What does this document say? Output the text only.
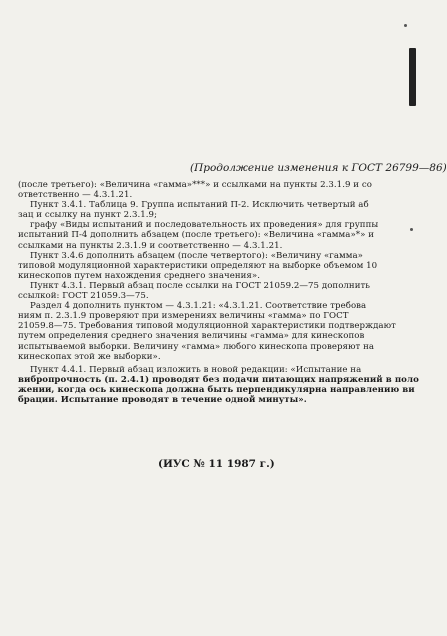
(Продолжение изменения к ГОСТ 26799—86)
(после третьего): «Величина «гамма»***» и ссылками на пункты 2.3.1.9 и со
ответственно — 4.3.1.21.
Пункт 3.4.1. Таблица 9. Группа испытаний П-2. Исключить четвертый аб
зац и ссылку на пункт 2.3.1.9;
графу «Виды испытаний и последовательность их проведения» для группы
испытаний П-4 дополнить абзацем (после третьего): «Величина «гамма»*» и
ссылками на пункты 2.3.1.9 и соответственно — 4.3.1.21.
Пункт 3.4.6 дополнить абзацем (после четвертого): «Величину «гамма»
типовой модуляционной характеристики определяют на выборке объемом 10
кинескопов путем нахождения среднего значения».
Пункт 4.3.1. Первый абзац после ссылки на ГОСТ 21059.2—75 дополнить
ссылкой: ГОСТ 21059.3—75.
Раздел 4 дополнить пунктом — 4.3.1.21: «4.3.1.21. Соответствие требова
ниям п. 2.3.1.9 проверяют при измерениях величины «гамма» по ГОСТ
21059.8—75. Требования типовой модуляционной характеристики подтверждают
путем определения среднего значения величины «гамма» для кинескопов
испытываемой выборки. Величину «гамма» любого кинескопа проверяют на
кинескопах этой же выборки».
Пункт 4.4.1. Первый абзац изложить в новой редакции: «Испытание на
вибропрочность (п. 2.4.1) проводят без подачи питающих напряжений в поло
жении, когда ось кинескопа должна быть перпендикулярна направлению ви
брации. Испытание проводят в течение одной минуты».
(ИУС № 11 1987 г.)
